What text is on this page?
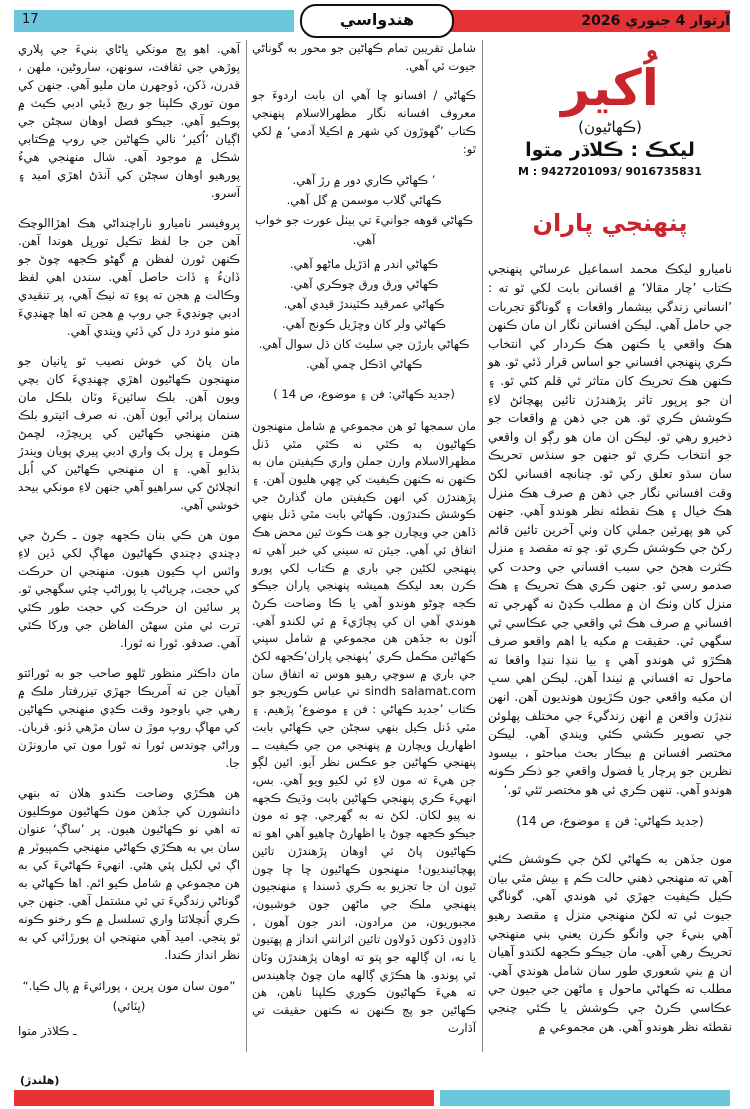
آرتوار 4 جنوري 2026
17	هندواسي
اُکير
(ڪهاڻيون)
ليکڪ : ڪلاڌر متوا
M : 9427201093/ 9016735831
پنهنجي پاران

ناميارو ليکڪ محمد اسماعيل عرساڻي پنهنجي ڪتاب ’چار مقالا‘ ۾ افسانن بابت لکي ٿو ته : ’انساني زندگي بيشمار واقعات ۽ گوناگوَ تجربات جي حامل آهي. ليڪن افسانن نگار ان مان ڪنهن هڪ واقعي يا ڪنهن هڪ ڪردار کي انتخاب ڪري پنهنجي افساني جو اساس قرار ڏئي ٿو. هو ڪنهن هڪ تحريڪ کان متاثر ٿي قلم کڻي ٿو. ۽ ان جو پرپور تاثر پڙهندڙن تائين پهچائڻ لاءِ ڪوشش ڪري ٿو. هن جي ذهن ۾ واقعات جو ذخيرو رهي ٿو. ليڪن ان مان هو رڳو ان واقعي جو انتخاب ڪري ٿو جنهن جو سنڌس تحريڪ سان سڌو تعلق رکي ٿو. چنانچه افساني لکڻ وقت افساني نگار جي ذهن ۾ صرف هڪ منزل هڪ خيال ۽ هڪ نقطئه نظر هوندو آهي. جنهن کي هو پهرئين جملي کان وٺي آخرين تائين قائم رکڻ جي ڪوشش ڪري ٿو. چو ته مقصد ۽ منزل ڪثرت هجڻ جي سبب افساني جي وحدت کي صدمو رسي ٿو. جنهن ڪري هڪ تحريڪ ۽ هڪ منزل کان وٺڪ ان ۾ مطلب ڪڍڻ نه گهرجي ته افساني ۾ صرف هڪ ئي واقعي جي عڪاسي ٿي سگهي ٿي. حقيقت ۾ مکيه يا اهم واقعو صرف هڪڙو ئي هوندو آهي ۽ بيا ننڍا ننڍا واقعا ته ماحول ته افساني ۾ ٺيندا آهن. ليڪن اهي سڀ ان مکيه واقعي جون ڪڙيون هونديون آهن. انهن ننڍڙن واقعن ۾ انهن زندگيءَ جي مختلف پهلوئن جي تصوير ڪشي ڪئي ويندي آهي. ليڪن مختصر افسانن ۾ بيڪار بحث مباحثو ، بيسود نظرين جو پرچار يا فضول واقعي جو ذڪر ڪونه هوندو آهي. تنهن ڪري ئي هو مختصر ٿئي ٿو.‘

(جديد ڪهاڻي: فن ۽ موضوع، ص 14)

مون جڏهن به ڪهاڻي لکڻ جي ڪوشش ڪئي آهي ته منهنجي ذهني حالت ڪم ۽ بيش مٿي بيان ڪيل ڪيفيت جهڙي ئي هوندي آهي. گوناگي جيوت ئي ته لکڻ منهنجي منزل ۽ مقصد رهيو آهي بنيءَ جي وانگو ڪرن يعني بني منهنجي تحريڪ رهي آهي. مان جيڪو ڪجهه لکندو آهيان ان ۾ بني شعوري طور سان شامل هوندي آهي. مطلب ته ڪهاڻي ماحول ۽ ماڻهن جي جيون جي عڪاسي ڪرڻ جي ڪوشش يا ڪئي چنجي نقطئه نظر هوندو آهي. هن مجموعي ۾

شامل تقريبن تمام ڪهاڻين جو محور به گوناڻي جيوت ئي آهي.

ڪهاڻي / افسانو ڇا آهي ان بابت اردوءَ جو معروف افسانه نگار مظهرالاسلام پنهنجي ڪتاب ’گهوڙون کي شهر ۾ اڪيلا آدمي‘ ۾ لکي ٿو:

’ ڪهاڻي ڪاري دور ۾ رڙ آهي.
ڪهاڻي گلاب موسمن ۾ گل آهي.
ڪهاڻي قوهه جوانيءَ تي بيٺل عورت جو خواب آهي.
ڪهاڻي اندر ۾ اڌڙيل ماڻهو آهي.
ڪهاڻي ورق ورق چوڪري آهي.
ڪهاڻي عمرقيد ڪٽيندڙ قيدي آهي.
ڪهاڻي ولر کان وڇڙيل ڪونج آهي.
ڪهاڻي بارڙن جي سليٽ کان ڌل سوال آهي.
ڪهاڻي اڌڪل چمي آهي.
(جديد ڪهاڻي: فن ۽ موضوع، ص 14 )

مان سمجها ٿو هن مجموعي ۾ شامل منهنجون ڪهاڻيون به ڪٿي نه ڪٿي مٿي ڏنل مظهرالاسلام وارن جملن واري ڪيفيتن مان به ڪنهن نه ڪنهن ڪيفيت کي ڇهي هليون آهن. ۽ پڙهندڙن کي انهن ڪيفيتن مان گذارڻ جي ڪوشش ڪندڙون. ڪهاڻي بابت مٿي ڏنل بنهي ڏاهن جي ويچارن جو هت ڪوٽ ٿين محض هڪ اتفاق ئي آهي. جيئن ته سيني کي خبر آهي ته پنهنجي لکڻين جي باري ۾ ڪتاب لکي پورو ڪرن بعد ليکڪ هميشه پنهنجي پاران جيڪو ڪجه چوڻو هوندو آهي يا ڪا وضاحت ڪرڻ هوندي آهي ان کي پچاڙيءَ ۾ ئي لکندو آهي. آئون به جڏهن هن مجموعي ۾ شامل سڀني ڪهاڻين مڪمل ڪري ’پنهنجي پاران‘ڪجهه لکڻ جي باري ۾ سوچي رهيو هوس ته اتفاق سان sindh salamat.com تي عباس ڪوريجو جو ڪتاب ’جديد ڪهاڻي : فن ۽ موضوع‘ پڙهيم. ۽ مٿي ڏنل ڪيل بنهي سڄڻن جي ڪهاڻي بابت اظهاريل ويچارن ۾ پنهنجي من جي ڪيفيت ــ پنهنجي ڪهاڻين جو عڪس نظر آيو. ائين لڳو جن هيءَ ته مون لاءِ ئي لکيو ويو آهي. بس، انهيءَ ڪري پنهنجي ڪهاڻين بابت وڌيڪ ڪجهه نه پيو لکان. لکڻ نه به گهرجي. ڇو ته مون جيڪو ڪجهه چوڻ يا اظهارڻ چاهيو آهي اهو ته ڪهاڻيون پاڻ ئي اوهان پڙهندڙن تائين پهچائينديون! منهنجون ڪهاڻيون ڇا ڇا چون ٿيون ان جا تجزيو به ڪري ڏسندا ۽ منهنجيون پنهنجي ملڪ جي ماڻهن جون خوشيون، مجبوريون، من مرادون، اندر جون آهون ، ڏاڍون ڏکون ڏولاون تائين اثرانتي انداز ۾ پهتيون يا نه، ان ڳالهه جو پتو ته اوهان پڙهندڙن وٽان ئي پوندو. ها هڪڙي ڳالهه مان چوڻ چاهيندس ته هيءَ ڪهاڻيون ڪوري ڪلپنا ناهن، هن ڪهاڻين جو پڄ ڪنهن نه ڪنهن حقيقت تي آڌارت

آهي. اهو پڄ مونکي ڀاڻاي بنيءَ جي پلاري پوڙهي جي ثقافت، سونهن، ساروڻين، ملهن ، قدرن، ڏکن، ڏوجهرن مان مليو آهي. جنهن کي مون توري ڪلپنا جو ريڄ ڏيئي ادبي ڪيٽ ۾ پوڪيو آهي. جيڪو فصل اوهان سڄڻن جي اڳيان ’اُکير‘ نالي ڪهاڻين جي روپ ۾ڪتابي شڪل ۾ موجود آهي. شال منهنجي هيءُ پورهيو اوهان سڄڻن کي آنڌڻ اهڙي اميد ۽ آسرو.

پروفيسر ناميارو ناراچنداڻي هڪ اهڙاالوچڪ آهن جن جا لفظ تڪيل تورپل هوندا آهن. ڪنهن ٿورن لفظن ۾ گهڻو ڪجهه چوڻ جو ڏانءُ ۽ ڏات حاصل آهي. سندن اهي لفظ وڪالت ۾ هجن ته پوءِ ته ٺيڪ آهي، پر تنقيدي ادبي چونڊيءَ جي روپ ۾ هجن ته اها چهنڊيءَ مٺو مٺو درد دل کي ڏئي ويندي آهي.

مان پاڻ کي خوش نصيب ٿو ڀانيان جو منهنجون ڪهاڻيون اهڙي چهنڊيءَ کان بچي ويون آهن. بلڪ سائينءَ وٽان بلڪل مان سنمان پرائي آيون آهن. نه صرف ائيترو بلڪ هنن منهنجي ڪهاڻين کي پريچڙڊ، لڇمڻ ڪومل ۽ پرل بک واري ادبي پيري پويان ويندڙ بڌايو آهي. ۽ ان منهنجي ڪهاڻين کي اُبل انچلائڻ کي سراهيو آهي جنهن لاءِ مونکي بيحد خوشي آهي.

مون هن ڪي بنان ڪجهه چون ـ ڪرڻ جي ڊچندي ڊچندي ڪهاڻيون مهاڳ لکي ڏين لاءِ واٽس اپ ڪيون هيون. منهنجي ان حرڪت کي حجت، چرياڻپ يا پوراڻپ چئي سگهجي ٿو. پر سائين ان حرڪت کي حجت طور ڪئي ترت ئي مٺن سهڻن الفاظن جي ورکا ڪئي آهي. صدقو. ٿورا نه ٿورا.

مان داڪٽر منظور ٿلهو صاحب جو به ٿورائتو آهيان جن ته آمريڪا جهڙي تيزرفتار ملڪ ۾ رهي جي باوجود وقت ڪڍي منهنجي ڪهاڻين کي مهاڳ روپ موڙ ن سان مڙهي ڏنو. قربان. وراڻي چوندس ٿورا نه ٿورا مون تي مارونڙن جا.

هن هڪڙي وضاحت ڪندو هلان ته بنهي دانشورن کي جڏهن مون ڪهاڻيون موڪليون ته اهي نو ڪهاڻيون هيون. پر ’ساڳ‘ عنوان سان بي به هڪڙي ڪهاڻي منهنجي ڪمپيوٽر ۾ اڳ ئي لکيل پئي هئي. انهيءَ ڪهاڻيءَ کي به هن مجموعي ۾ شامل ڪيو اٿم. اها ڪهاڻي به گوناڻي زندگيءَ تي ئي مشتمل آهي. جنهن جي ڪري اُنچلائتا واري تسلسل ۾ ڪو رخنو ڪونه ٿو پنجي. اميد آهي منهنجي ان پورڙائي کي به نظر انداز ڪندا.

”مون سان مون پرين ، پورائيءَ ۾ پال ڪيا.“
(ڀٽائي)
ـ ڪلاڌر متوا
(هلندڙ)
